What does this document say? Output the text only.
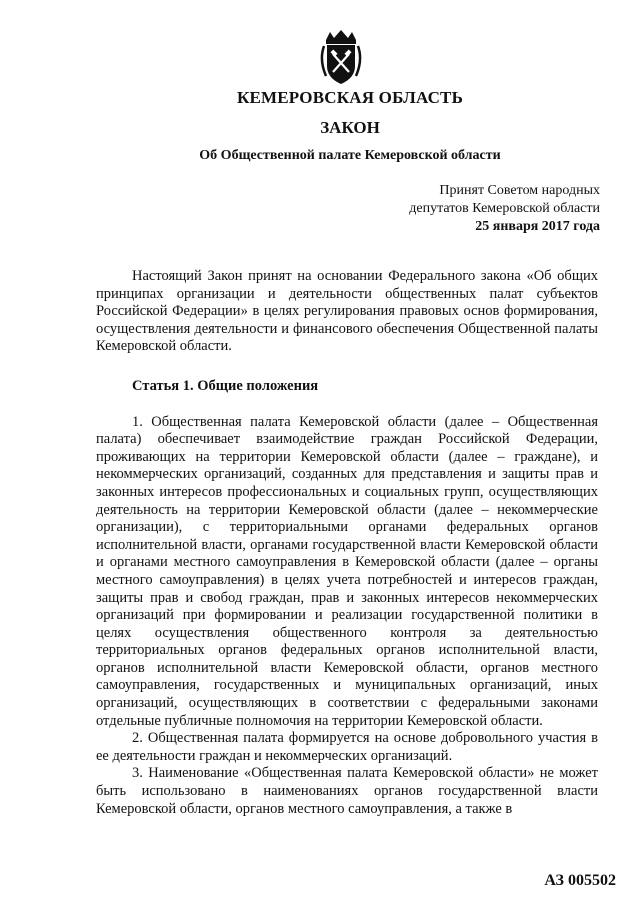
КЕМЕРОВСКАЯ ОБЛАСТЬ
ЗАКОН
Об Общественной палате Кемеровской области
Принят Советом народных
депутатов Кемеровской области
25 января 2017 года

Настоящий Закон принят на основании Федерального закона «Об общих принципах организации и деятельности общественных палат субъектов Российской Федерации» в целях регулирования правовых основ формирования, осуществления деятельности и финансового обеспечения Общественной палаты Кемеровской области.

Статья 1. Общие положения

1. Общественная палата Кемеровской области (далее – Общественная палата) обеспечивает взаимодействие граждан Российской Федерации, проживающих на территории Кемеровской области (далее – граждане), и некоммерческих организаций, созданных для представления и защиты прав и законных интересов профессиональных и социальных групп, осуществляющих деятельность на территории Кемеровской области (далее – некоммерческие организации), с территориальными органами федеральных органов исполнительной власти, органами государственной власти Кемеровской области и органами местного самоуправления в Кемеровской области (далее – органы местного самоуправления) в целях учета потребностей и интересов граждан, защиты прав и свобод граждан, прав и законных интересов некоммерческих организаций при формировании и реализации государственной политики в целях осуществления общественного контроля за деятельностью территориальных органов федеральных органов исполнительной власти, органов исполнительной власти Кемеровской области, органов местного самоуправления, государственных и муниципальных организаций, иных организаций, осуществляющих в соответствии с федеральными законами отдельные публичные полномочия на территории Кемеровской области.

2. Общественная палата формируется на основе добровольного участия в ее деятельности граждан и некоммерческих организаций.

3. Наименование «Общественная палата Кемеровской области» не может быть использовано в наименованиях органов государственной власти Кемеровской области, органов местного самоуправления, а также в

АЗ 005502
